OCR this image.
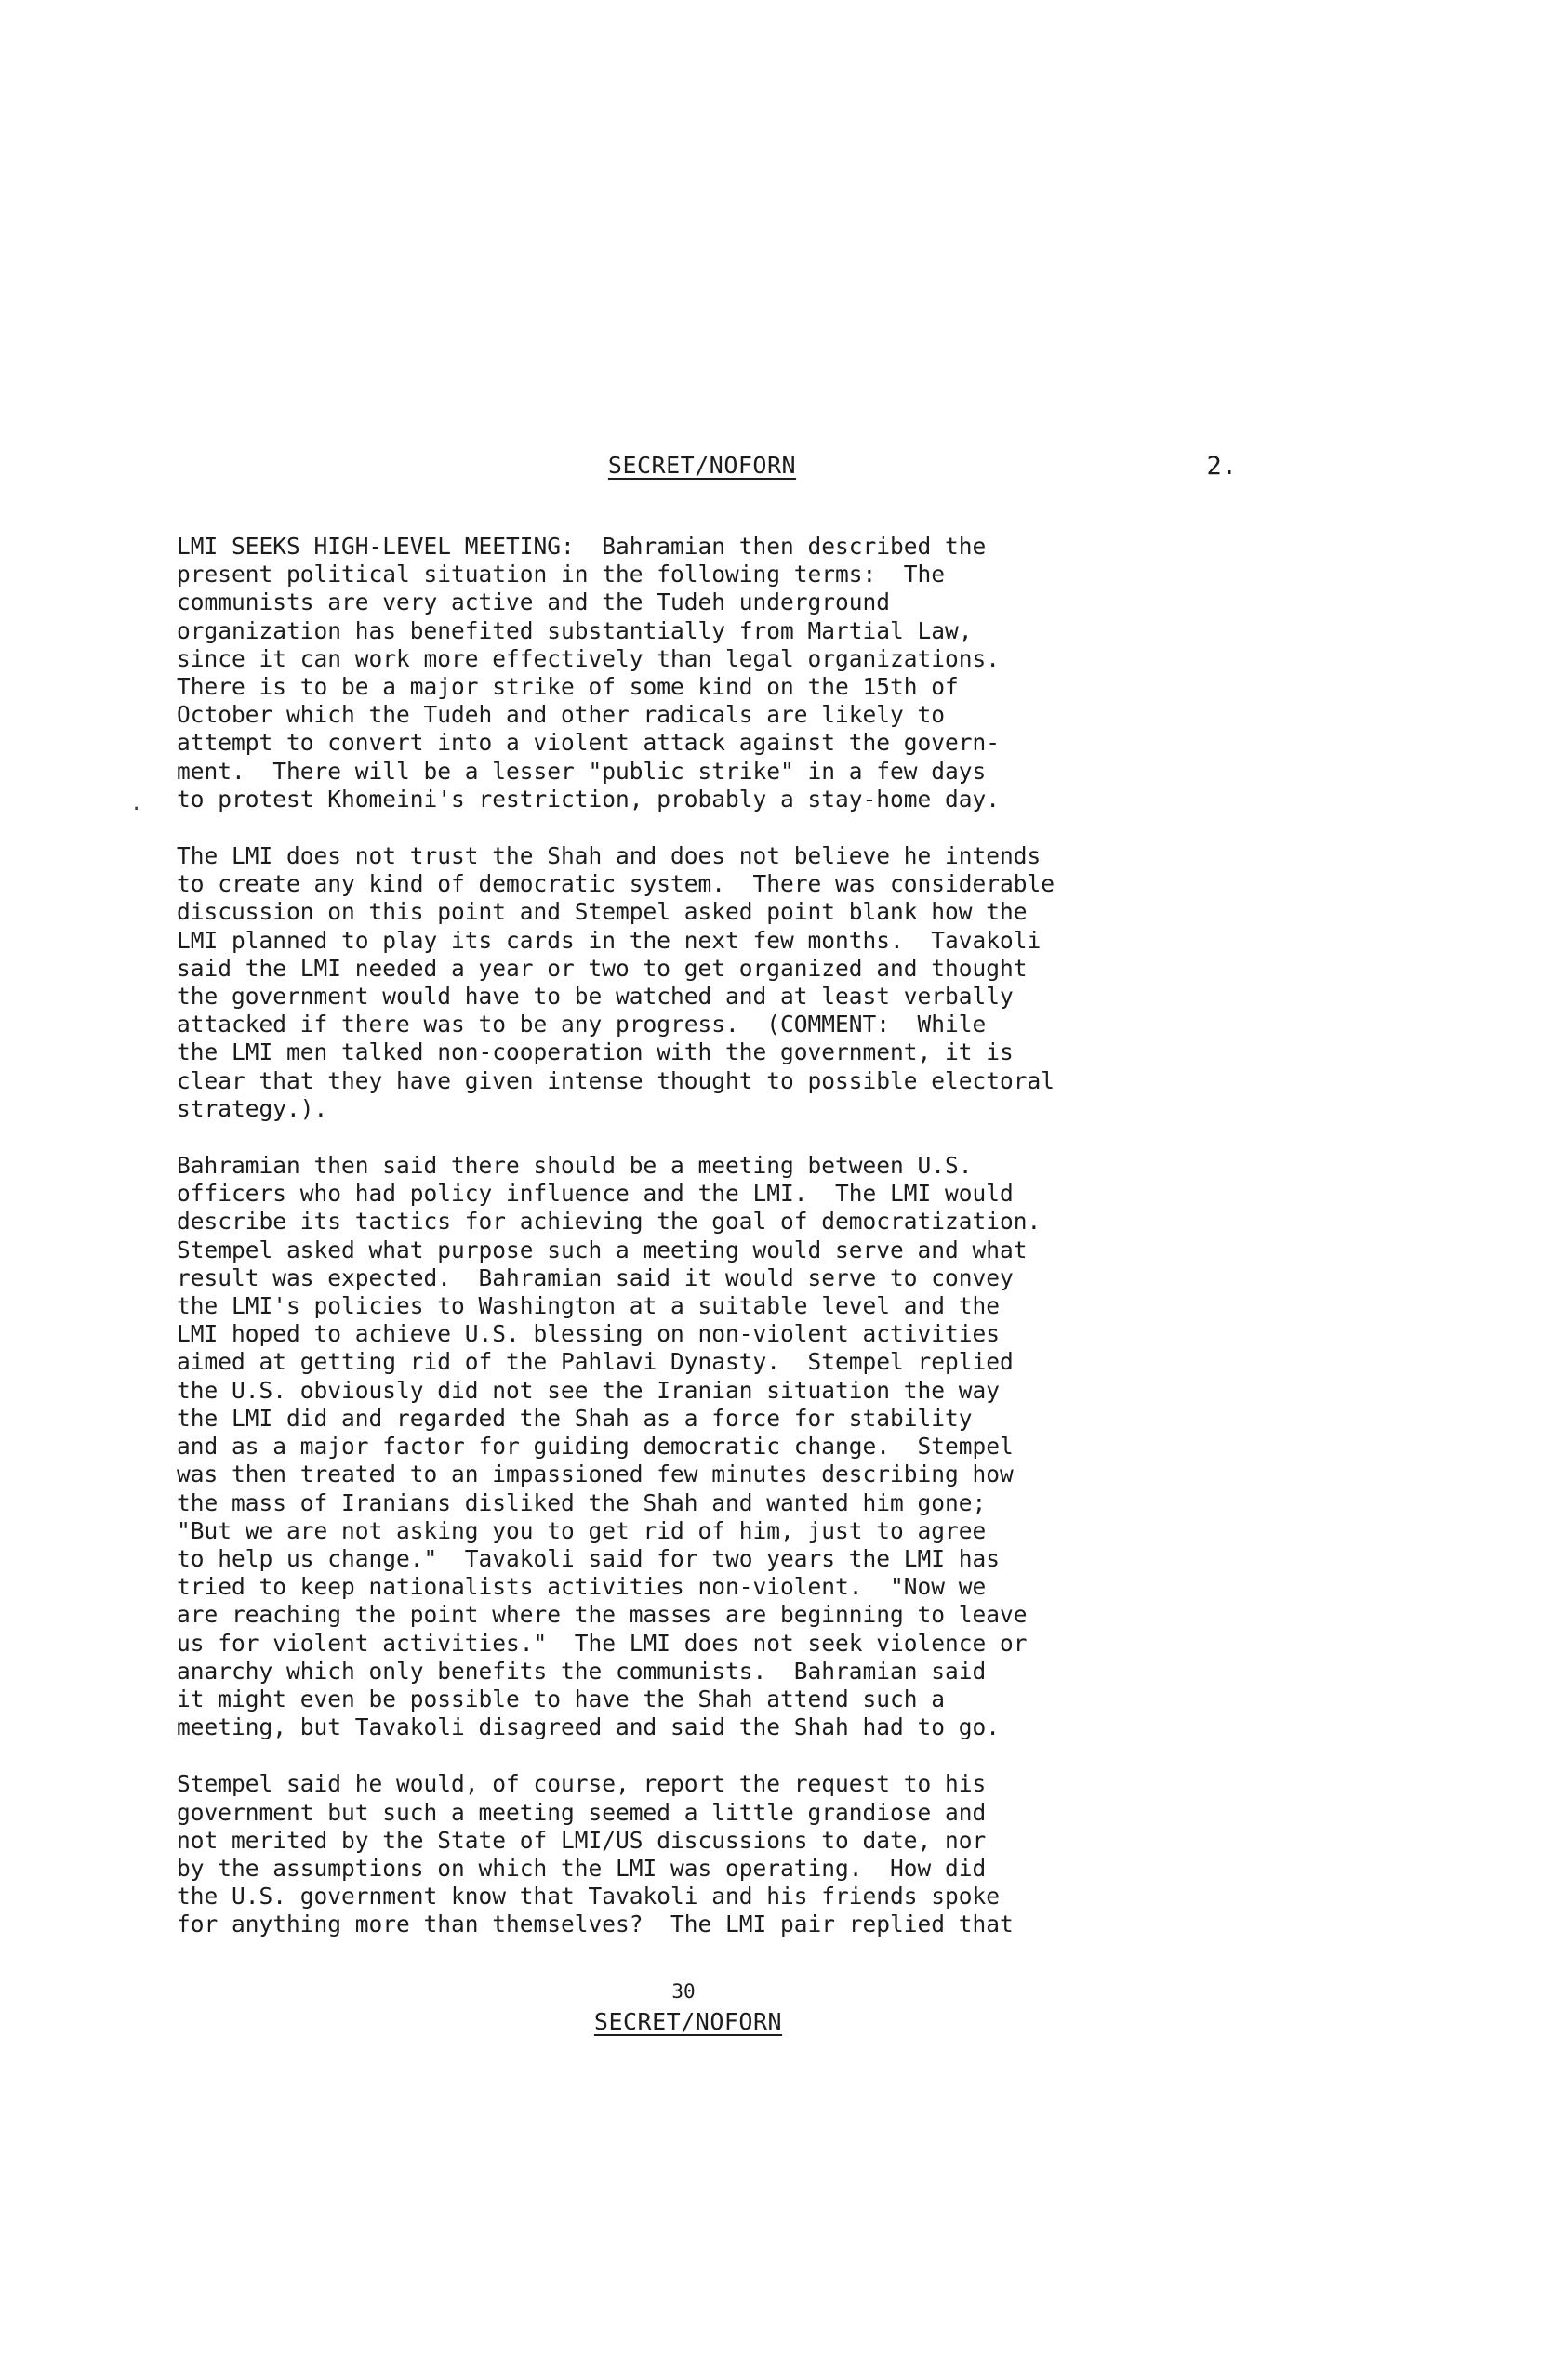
SECRET/NOFORN	2.
·

LMI SEEKS HIGH-LEVEL MEETING:  Bahramian then described the
present political situation in the following terms:  The
communists are very active and the Tudeh underground
organization has benefited substantially from Martial Law,
since it can work more effectively than legal organizations.
There is to be a major strike of some kind on the 15th of
October which the Tudeh and other radicals are likely to
attempt to convert into a violent attack against the govern-
ment.  There will be a lesser "public strike" in a few days
to protest Khomeini's restriction, probably a stay-home day.

The LMI does not trust the Shah and does not believe he intends
to create any kind of democratic system.  There was considerable
discussion on this point and Stempel asked point blank how the
LMI planned to play its cards in the next few months.  Tavakoli
said the LMI needed a year or two to get organized and thought
the government would have to be watched and at least verbally
attacked if there was to be any progress.  (COMMENT:  While
the LMI men talked non-cooperation with the government, it is
clear that they have given intense thought to possible electoral
strategy.).

Bahramian then said there should be a meeting between U.S.
officers who had policy influence and the LMI.  The LMI would
describe its tactics for achieving the goal of democratization.
Stempel asked what purpose such a meeting would serve and what
result was expected.  Bahramian said it would serve to convey
the LMI's policies to Washington at a suitable level and the
LMI hoped to achieve U.S. blessing on non-violent activities
aimed at getting rid of the Pahlavi Dynasty.  Stempel replied
the U.S. obviously did not see the Iranian situation the way
the LMI did and regarded the Shah as a force for stability
and as a major factor for guiding democratic change.  Stempel
was then treated to an impassioned few minutes describing how
the mass of Iranians disliked the Shah and wanted him gone;
"But we are not asking you to get rid of him, just to agree
to help us change."  Tavakoli said for two years the LMI has
tried to keep nationalists activities non-violent.  "Now we
are reaching the point where the masses are beginning to leave
us for violent activities."  The LMI does not seek violence or
anarchy which only benefits the communists.  Bahramian said
it might even be possible to have the Shah attend such a
meeting, but Tavakoli disagreed and said the Shah had to go.

Stempel said he would, of course, report the request to his
government but such a meeting seemed a little grandiose and
not merited by the State of LMI/US discussions to date, nor
by the assumptions on which the LMI was operating.  How did
the U.S. government know that Tavakoli and his friends spoke
for anything more than themselves?  The LMI pair replied that

30
SECRET/NOFORN
